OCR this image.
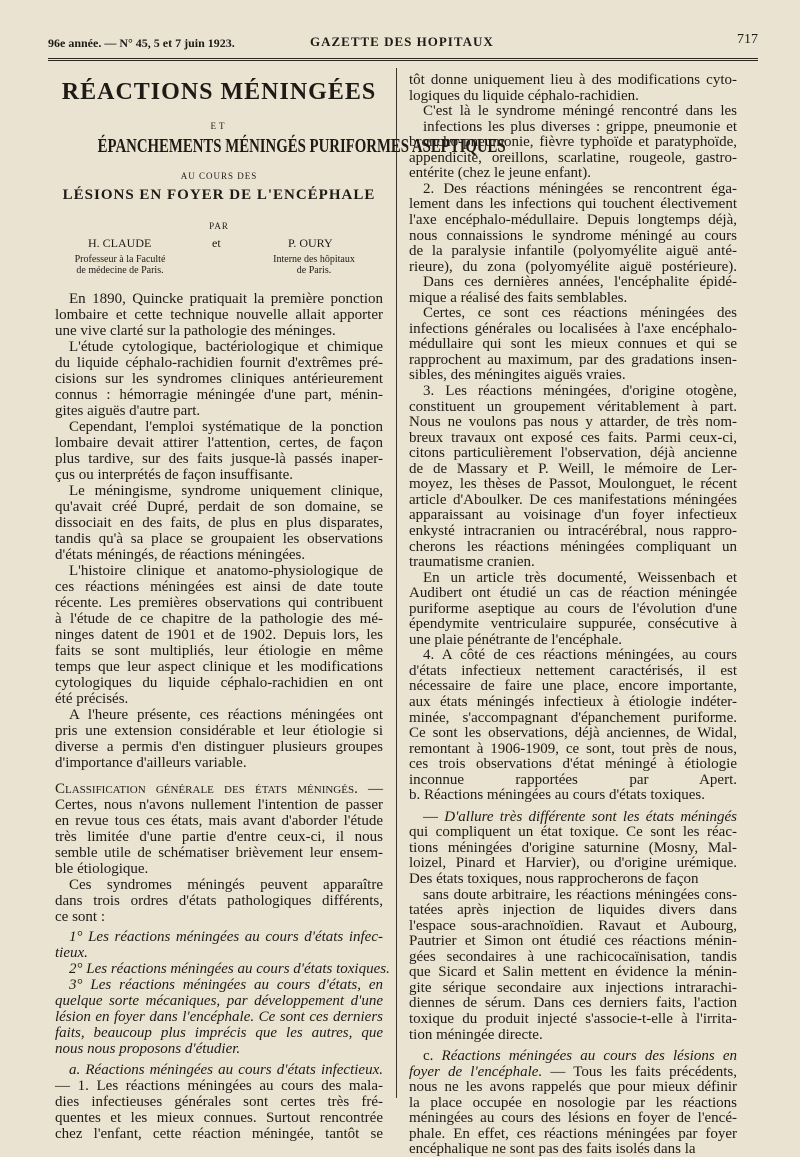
96e année. — N° 45, 5 et 7 juin 1923.	GAZETTE DES HOPITAUX	717
RÉACTIONS MÉNINGÉES
ET
ÉPANCHEMENTS MÉNINGÉS PURIFORMES ASEPTIQUES
AU COURS DES
LÉSIONS EN FOYER DE L'ENCÉPHALE
PAR
H. CLAUDE	et	P. OURY
Professeur à la Faculté
de médecine de Paris.
Interne des hôpitaux
de Paris.
En 1890, Quincke pratiquait la première ponction
lombaire et cette technique nouvelle allait apporter
une vive clarté sur la pathologie des méninges.
L'étude cytologique, bactériologique et chimique
du liquide céphalo-rachidien fournit d'extrêmes pré-
cisions sur les syndromes cliniques antérieurement
connus : hémorragie méningée d'une part, ménin-
gites aiguës d'autre part.
Cependant, l'emploi systématique de la ponction
lombaire devait attirer l'attention, certes, de façon
plus tardive, sur des faits jusque-là passés inaper-
çus ou interprétés de façon insuffisante.
Le méningisme, syndrome uniquement clinique,
qu'avait créé Dupré, perdait de son domaine, se
dissociait en des faits, de plus en plus disparates,
tandis qu'à sa place se groupaient les observations
d'états méningés, de réactions méningées.
L'histoire clinique et anatomo-physiologique de
ces réactions méningées est ainsi de date toute
récente. Les premières observations qui contribuent
à l'étude de ce chapitre de la pathologie des mé-
ninges datent de 1901 et de 1902. Depuis lors, les
faits se sont multipliés, leur étiologie en même
temps que leur aspect clinique et les modifications
cytologiques du liquide céphalo-rachidien en ont
été précisés.
A l'heure présente, ces réactions méningées ont
pris une extension considérable et leur étiologie si
diverse a permis d'en distinguer plusieurs groupes
d'importance d'ailleurs variable.
Classification générale des états méningés. —
Certes, nous n'avons nullement l'intention de passer
en revue tous ces états, mais avant d'aborder l'étude
très limitée d'une partie d'entre ceux-ci, il nous
semble utile de schématiser brièvement leur ensem-
ble étiologique.
Ces syndromes méningés peuvent apparaître
dans trois ordres d'états pathologiques différents,
ce sont :
1° Les réactions méningées au cours d'états infec-
tieux.
2° Les réactions méningées au cours d'états toxiques.
3° Les réactions méningées au cours d'états, en
quelque sorte mécaniques, par développement d'une
lésion en foyer dans l'encéphale. Ce sont ces derniers
faits, beaucoup plus imprécis que les autres, que
nous nous proposons d'étudier.
a. Réactions méningées au cours d'états infectieux.
— 1. Les réactions méningées au cours des mala-
dies infectieuses générales sont certes très fré-
quentes et les mieux connues. Surtout rencontrée
chez l'enfant, cette réaction méningée, tantôt se
tôt donne uniquement lieu à des modifications cyto-
logiques du liquide céphalo-rachidien.
C'est là le syndrome méningé rencontré dans les
infections les plus diverses : grippe, pneumonie et
broncho-pneumonie, fièvre typhoïde et paratyphoïde,
appendicite, oreillons, scarlatine, rougeole, gastro-
entérite (chez le jeune enfant).
2. Des réactions méningées se rencontrent éga-
lement dans les infections qui touchent électivement
l'axe encéphalo-médullaire. Depuis longtemps déjà,
nous connaissions le syndrome méningé au cours
de la paralysie infantile (polyomyélite aiguë anté-
rieure), du zona (polyomyélite aiguë postérieure).
Dans ces dernières années, l'encéphalite épidé-
mique a réalisé des faits semblables.
Certes, ce sont ces réactions méningées des
infections générales ou localisées à l'axe encéphalo-
médullaire qui sont les mieux connues et qui se
rapprochent au maximum, par des gradations insen-
sibles, des méningites aiguës vraies.
3. Les réactions méningées, d'origine otogène,
constituent un groupement véritablement à part.
Nous ne voulons pas nous y attarder, de très nom-
breux travaux ont exposé ces faits. Parmi ceux-ci,
citons particulièrement l'observation, déjà ancienne
de de Massary et P. Weill, le mémoire de Ler-
moyez, les thèses de Passot, Moulonguet, le récent
article d'Aboulker. De ces manifestations méningées
apparaissant au voisinage d'un foyer infectieux
enkysté intracranien ou intracérébral, nous rappro-
cherons les réactions méningées compliquant un
traumatisme cranien.
En un article très documenté, Weissenbach et
Audibert ont étudié un cas de réaction méningée
puriforme aseptique au cours de l'évolution d'une
épendymite ventriculaire suppurée, consécutive à
une plaie pénétrante de l'encéphale.
4. A côté de ces réactions méningées, au cours
d'états infectieux nettement caractérisés, il est
nécessaire de faire une place, encore importante,
aux états méningés infectieux à étiologie indéter-
minée, s'accompagnant d'épanchement puriforme.
Ce sont les observations, déjà anciennes, de Widal,
remontant à 1906-1909, ce sont, tout près de nous,
ces trois observations d'état méningé à étiologie
inconnue rapportées par Apert.
b. Réactions méningées au cours d'états toxiques.
— D'allure très différente sont les états méningés
qui compliquent un état toxique. Ce sont les réac-
tions méningées d'origine saturnine (Mosny, Mal-
loizel, Pinard et Harvier), ou d'origine urémique.
Des états toxiques, nous rapprocherons de façon
sans doute arbitraire, les réactions méningées cons-
tatées après injection de liquides divers dans
l'espace sous-arachnoïdien. Ravaut et Aubourg,
Pautrier et Simon ont étudié ces réactions ménin-
gées secondaires à une rachicocaïnisation, tandis
que Sicard et Salin mettent en évidence la ménin-
gite sérique secondaire aux injections intrarachi-
diennes de sérum. Dans ces derniers faits, l'action
toxique du produit injecté s'associe-t-elle à l'irrita-
tion méningée directe.
c. Réactions méningées au cours des lésions en
foyer de l'encéphale. — Tous les faits précédents,
nous ne les avons rappelés que pour mieux définir
la place occupée en nosologie par les réactions
méningées au cours des lésions en foyer de l'encé-
phale. En effet, ces réactions méningées par foyer
encéphalique ne sont pas des faits isolés dans la
